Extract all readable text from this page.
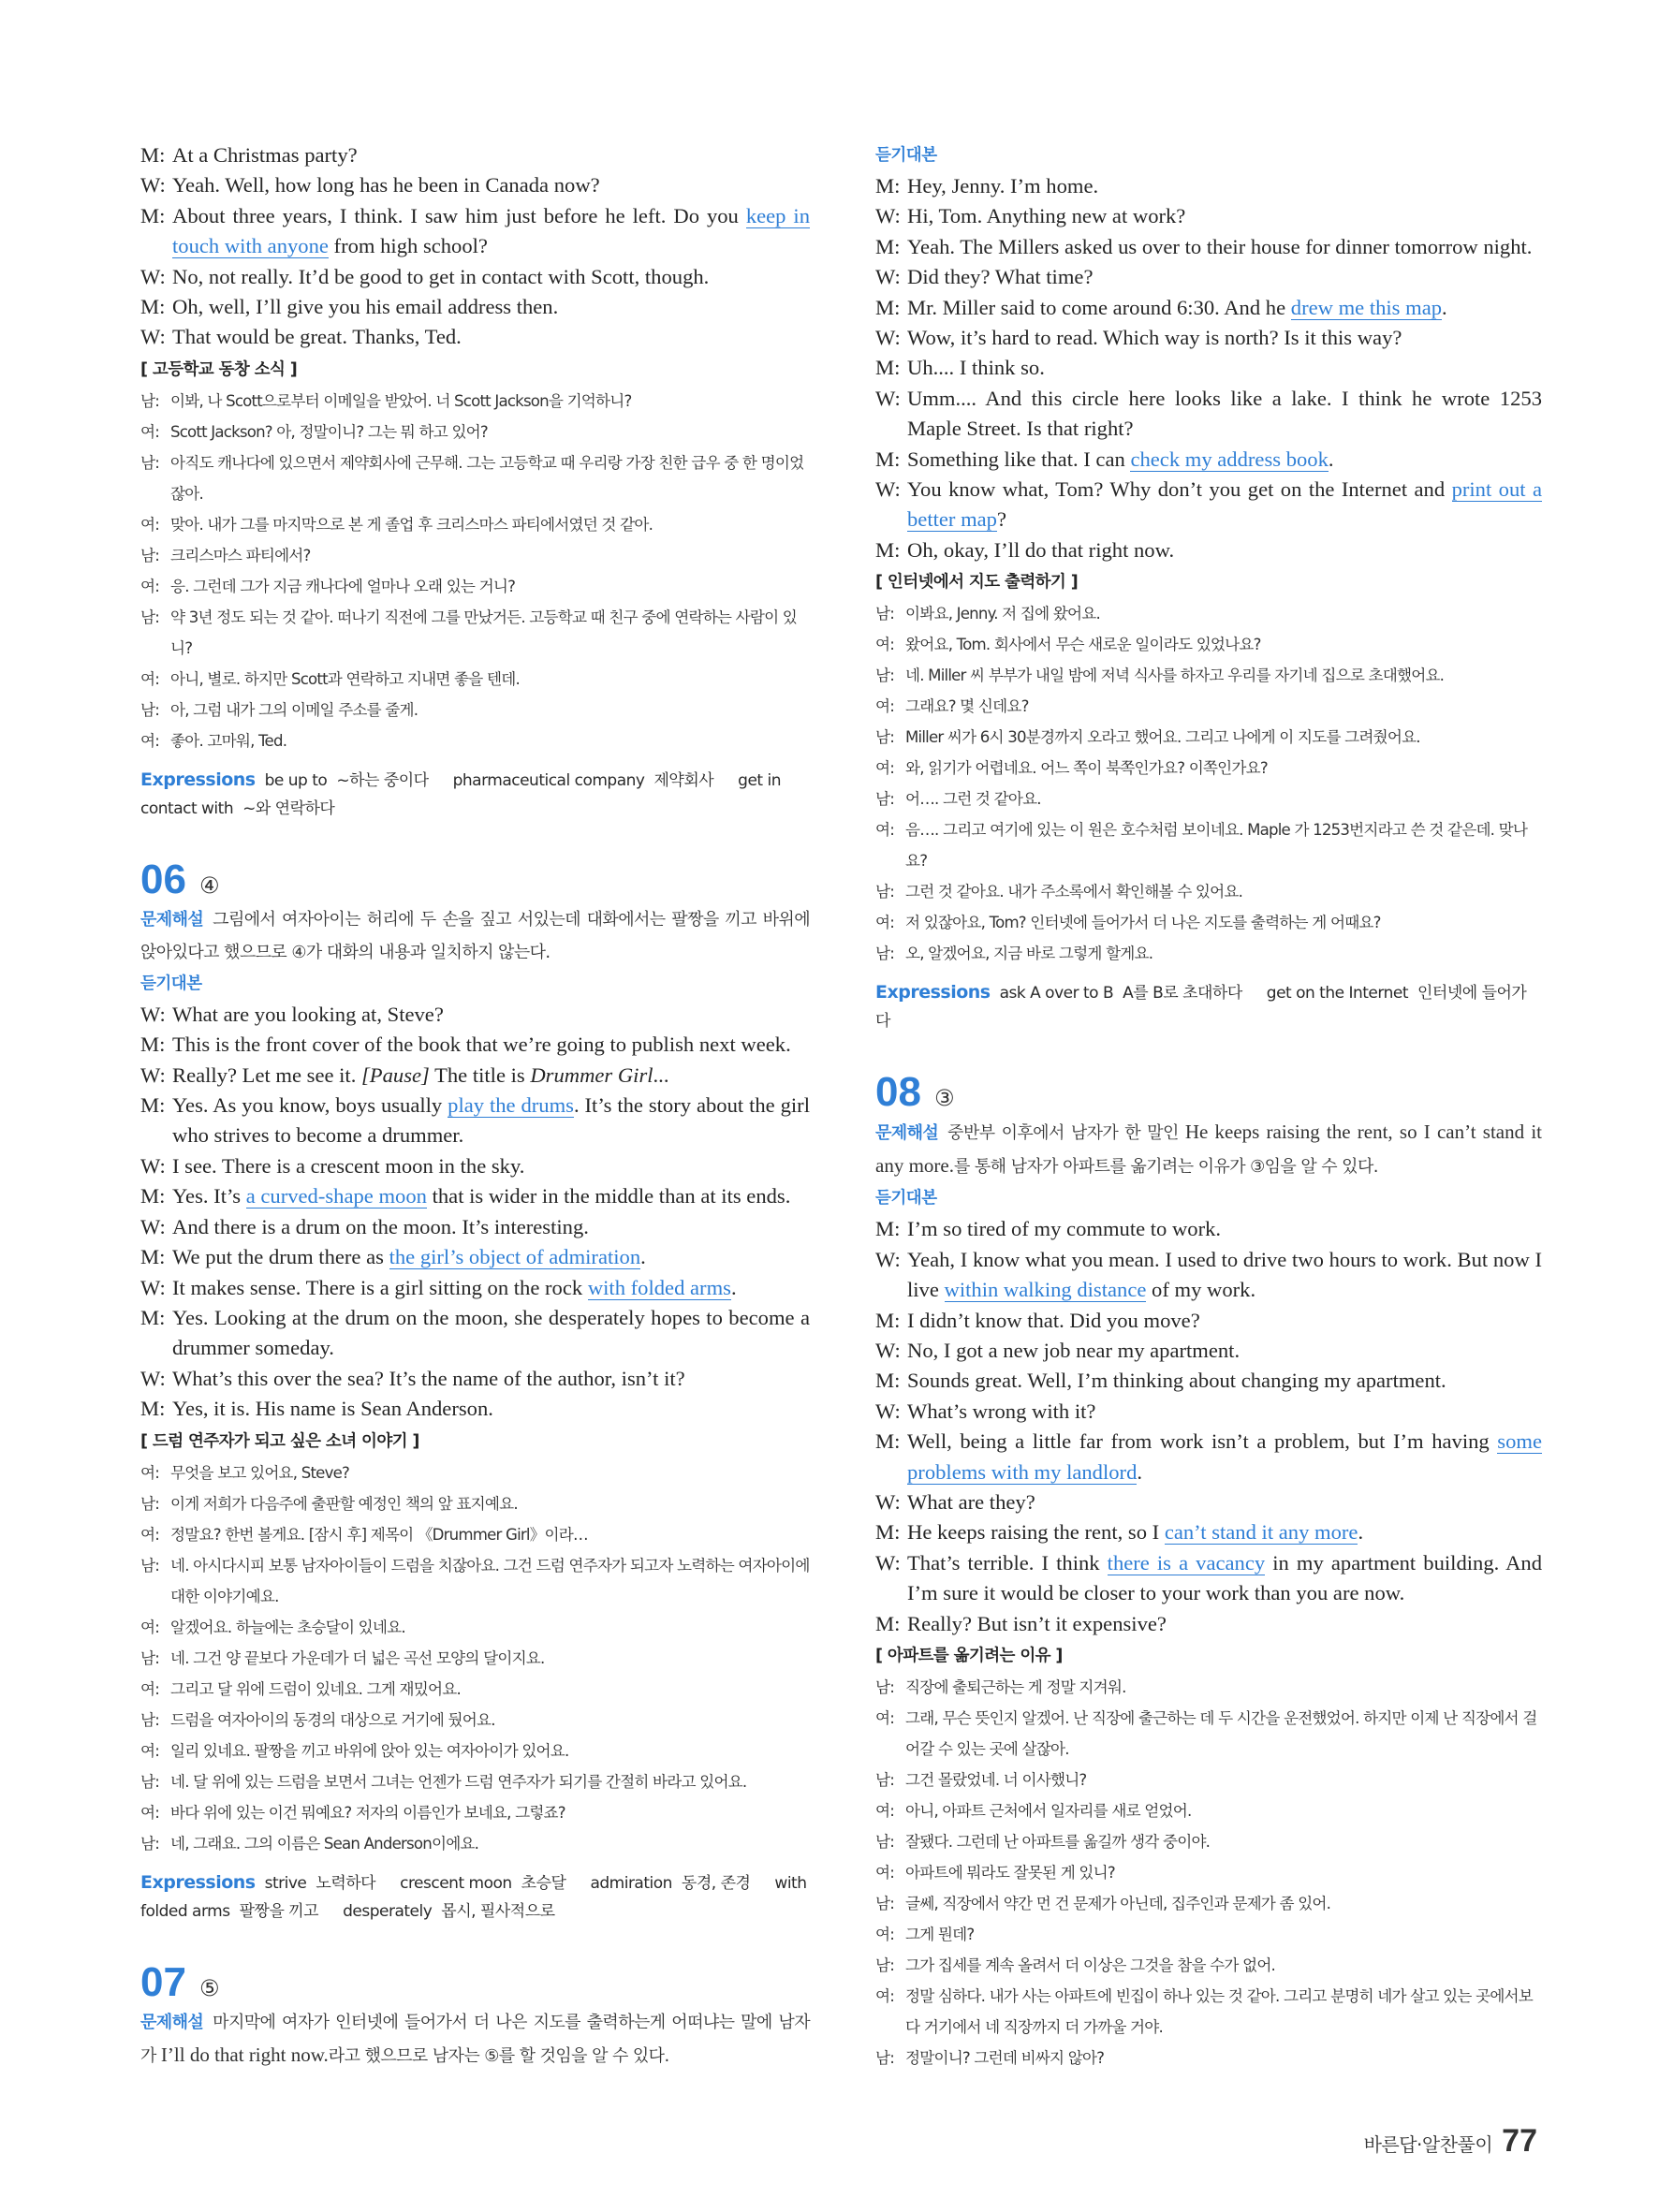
M: At a Christmas party?
W: Yeah. Well, how long has he been in Canada now?
M: About three years, I think. I saw him just before he left. Do you keep in touch with anyone from high school?
W: No, not really. It’d be good to get in contact with Scott, though.
M: Oh, well, I’ll give you his email address then.
W: That would be great. Thanks, Ted.
[ 고등학교 동창 소식 ]
남: 이봐, 나 Scott으로부터 이메일을 받았어. 너 Scott Jackson을 기억하니?
여: Scott Jackson? 아, 정말이니? 그는 뭐 하고 있어?
남: 아직도 캐나다에 있으면서 제약회사에 근무해. 그는 고등학교 때 우리랑 가장 친한 급우 중 한 명이었잖아.
여: 맞아. 내가 그를 마지막으로 본 게 졸업 후 크리스마스 파티에서였던 것 같아.
남: 크리스마스 파티에서?
여: 응. 그런데 그가 지금 캐나다에 얼마나 오래 있는 거니?
남: 약 3년 정도 되는 것 같아. 떠나기 직전에 그를 만났거든. 고등학교 때 친구 중에 연락하는 사람이 있니?
여: 아니, 별로. 하지만 Scott과 연락하고 지내면 좋을 텐데.
남: 아, 그럼 내가 그의 이메일 주소를 줄게.
여: 좋아. 고마워, Ted.
Expressions be up to ~하는 중이다 pharmaceutical company 제약회사 get in contact with ~와 연락하다
06 ④
문제해설 그림에서 여자아이는 허리에 두 손을 짚고 서있는데 대화에서는 팔짱을 끼고 바위에 앉아있다고 했으므로 ④가 대화의 내용과 일치하지 않는다.
듣기대본
W: What are you looking at, Steve?
M: This is the front cover of the book that we’re going to publish next week.
W: Really? Let me see it. [Pause] The title is Drummer Girl...
M: Yes. As you know, boys usually play the drums. It’s the story about the girl who strives to become a drummer.
W: I see. There is a crescent moon in the sky.
M: Yes. It’s a curved-shape moon that is wider in the middle than at its ends.
W: And there is a drum on the moon. It’s interesting.
M: We put the drum there as the girl’s object of admiration.
W: It makes sense. There is a girl sitting on the rock with folded arms.
M: Yes. Looking at the drum on the moon, she desperately hopes to become a drummer someday.
W: What’s this over the sea? It’s the name of the author, isn’t it?
M: Yes, it is. His name is Sean Anderson.
[ 드럼 연주자가 되고 싶은 소녀 이야기 ]
여: 무엇을 보고 있어요, Steve?
남: 이게 저희가 다음주에 출판할 예정인 책의 앞 표지예요.
여: 정말요? 한번 볼게요. [잠시 후] 제목이 《Drummer Girl》이라…
남: 네. 아시다시피 보통 남자아이들이 드럼을 치잖아요. 그건 드럼 연주자가 되고자 노력하는 여자아이에 대한 이야기예요.
여: 알겠어요. 하늘에는 초승달이 있네요.
남: 네. 그건 양 끝보다 가운데가 더 넓은 곡선 모양의 달이지요.
여: 그리고 달 위에 드럼이 있네요. 그게 재밌어요.
남: 드럼을 여자아이의 동경의 대상으로 거기에 뒀어요.
여: 일리 있네요. 팔짱을 끼고 바위에 앉아 있는 여자아이가 있어요.
남: 네. 달 위에 있는 드럼을 보면서 그녀는 언젠가 드럼 연주자가 되기를 간절히 바라고 있어요.
여: 바다 위에 있는 이건 뭐예요? 저자의 이름인가 보네요, 그렇죠?
남: 네, 그래요. 그의 이름은 Sean Anderson이에요.
Expressions strive 노력하다 crescent moon 초승달 admiration 동경, 존경 with folded arms 팔짱을 끼고 desperately 몹시, 필사적으로
07 ⑤
문제해설 마지막에 여자가 인터넷에 들어가서 더 나은 지도를 출력하는게 어떠냐는 말에 남자가 I’ll do that right now.라고 했으므로 남자는 ⑤를 할 것임을 알 수 있다.
듣기대본
M: Hey, Jenny. I’m home.
W: Hi, Tom. Anything new at work?
M: Yeah. The Millers asked us over to their house for dinner tomorrow night.
W: Did they? What time?
M: Mr. Miller said to come around 6:30. And he drew me this map.
W: Wow, it’s hard to read. Which way is north? Is it this way?
M: Uh.... I think so.
W: Umm.... And this circle here looks like a lake. I think he wrote 1253 Maple Street. Is that right?
M: Something like that. I can check my address book.
W: You know what, Tom? Why don’t you get on the Internet and print out a better map?
M: Oh, okay, I’ll do that right now.
[ 인터넷에서 지도 출력하기 ]
남: 이봐요, Jenny. 저 집에 왔어요.
여: 왔어요, Tom. 회사에서 무슨 새로운 일이라도 있었나요?
남: 네. Miller 씨 부부가 내일 밤에 저녁 식사를 하자고 우리를 자기네 집으로 초대했어요.
여: 그래요? 몇 신데요?
남: Miller 씨가 6시 30분경까지 오라고 했어요. 그리고 나에게 이 지도를 그려줬어요.
여: 와, 읽기가 어렵네요. 어느 쪽이 북쪽인가요? 이쪽인가요?
남: 어…. 그런 것 같아요.
여: 음…. 그리고 여기에 있는 이 원은 호수처럼 보이네요. Maple 가 1253번지라고 쓴 것 같은데. 맞나요?
남: 그런 것 같아요. 내가 주소록에서 확인해볼 수 있어요.
여: 저 있잖아요, Tom? 인터넷에 들어가서 더 나은 지도를 출력하는 게 어때요?
남: 오, 알겠어요, 지금 바로 그렇게 할게요.
Expressions ask A over to B A를 B로 초대하다 get on the Internet 인터넷에 들어가다
08 ③
문제해설 중반부 이후에서 남자가 한 말인 He keeps raising the rent, so I can’t stand it any more.를 통해 남자가 아파트를 옮기려는 이유가 ③임을 알 수 있다.
듣기대본
M: I’m so tired of my commute to work.
W: Yeah, I know what you mean. I used to drive two hours to work. But now I live within walking distance of my work.
M: I didn’t know that. Did you move?
W: No, I got a new job near my apartment.
M: Sounds great. Well, I’m thinking about changing my apartment.
W: What’s wrong with it?
M: Well, being a little far from work isn’t a problem, but I’m having some problems with my landlord.
W: What are they?
M: He keeps raising the rent, so I can’t stand it any more.
W: That’s terrible. I think there is a vacancy in my apartment building. And I’m sure it would be closer to your work than you are now.
M: Really? But isn’t it expensive?
[ 아파트를 옮기려는 이유 ]
남: 직장에 출퇴근하는 게 정말 지겨워.
여: 그래, 무슨 뜻인지 알겠어. 난 직장에 출근하는 데 두 시간을 운전했었어. 하지만 이제 난 직장에서 걸어갈 수 있는 곳에 살잖아.
남: 그건 몰랐었네. 너 이사했니?
여: 아니, 아파트 근처에서 일자리를 새로 얻었어.
남: 잘됐다. 그런데 난 아파트를 옮길까 생각 중이야.
여: 아파트에 뭐라도 잘못된 게 있니?
남: 글쎄, 직장에서 약간 먼 건 문제가 아닌데, 집주인과 문제가 좀 있어.
여: 그게 뭔데?
남: 그가 집세를 계속 올려서 더 이상은 그것을 참을 수가 없어.
여: 정말 심하다. 내가 사는 아파트에 빈집이 하나 있는 것 같아. 그리고 분명히 네가 살고 있는 곳에서보다 거기에서 네 직장까지 더 가까울 거야.
남: 정말이니? 그런데 비싸지 않아?
바른답·알찬풀이 77
